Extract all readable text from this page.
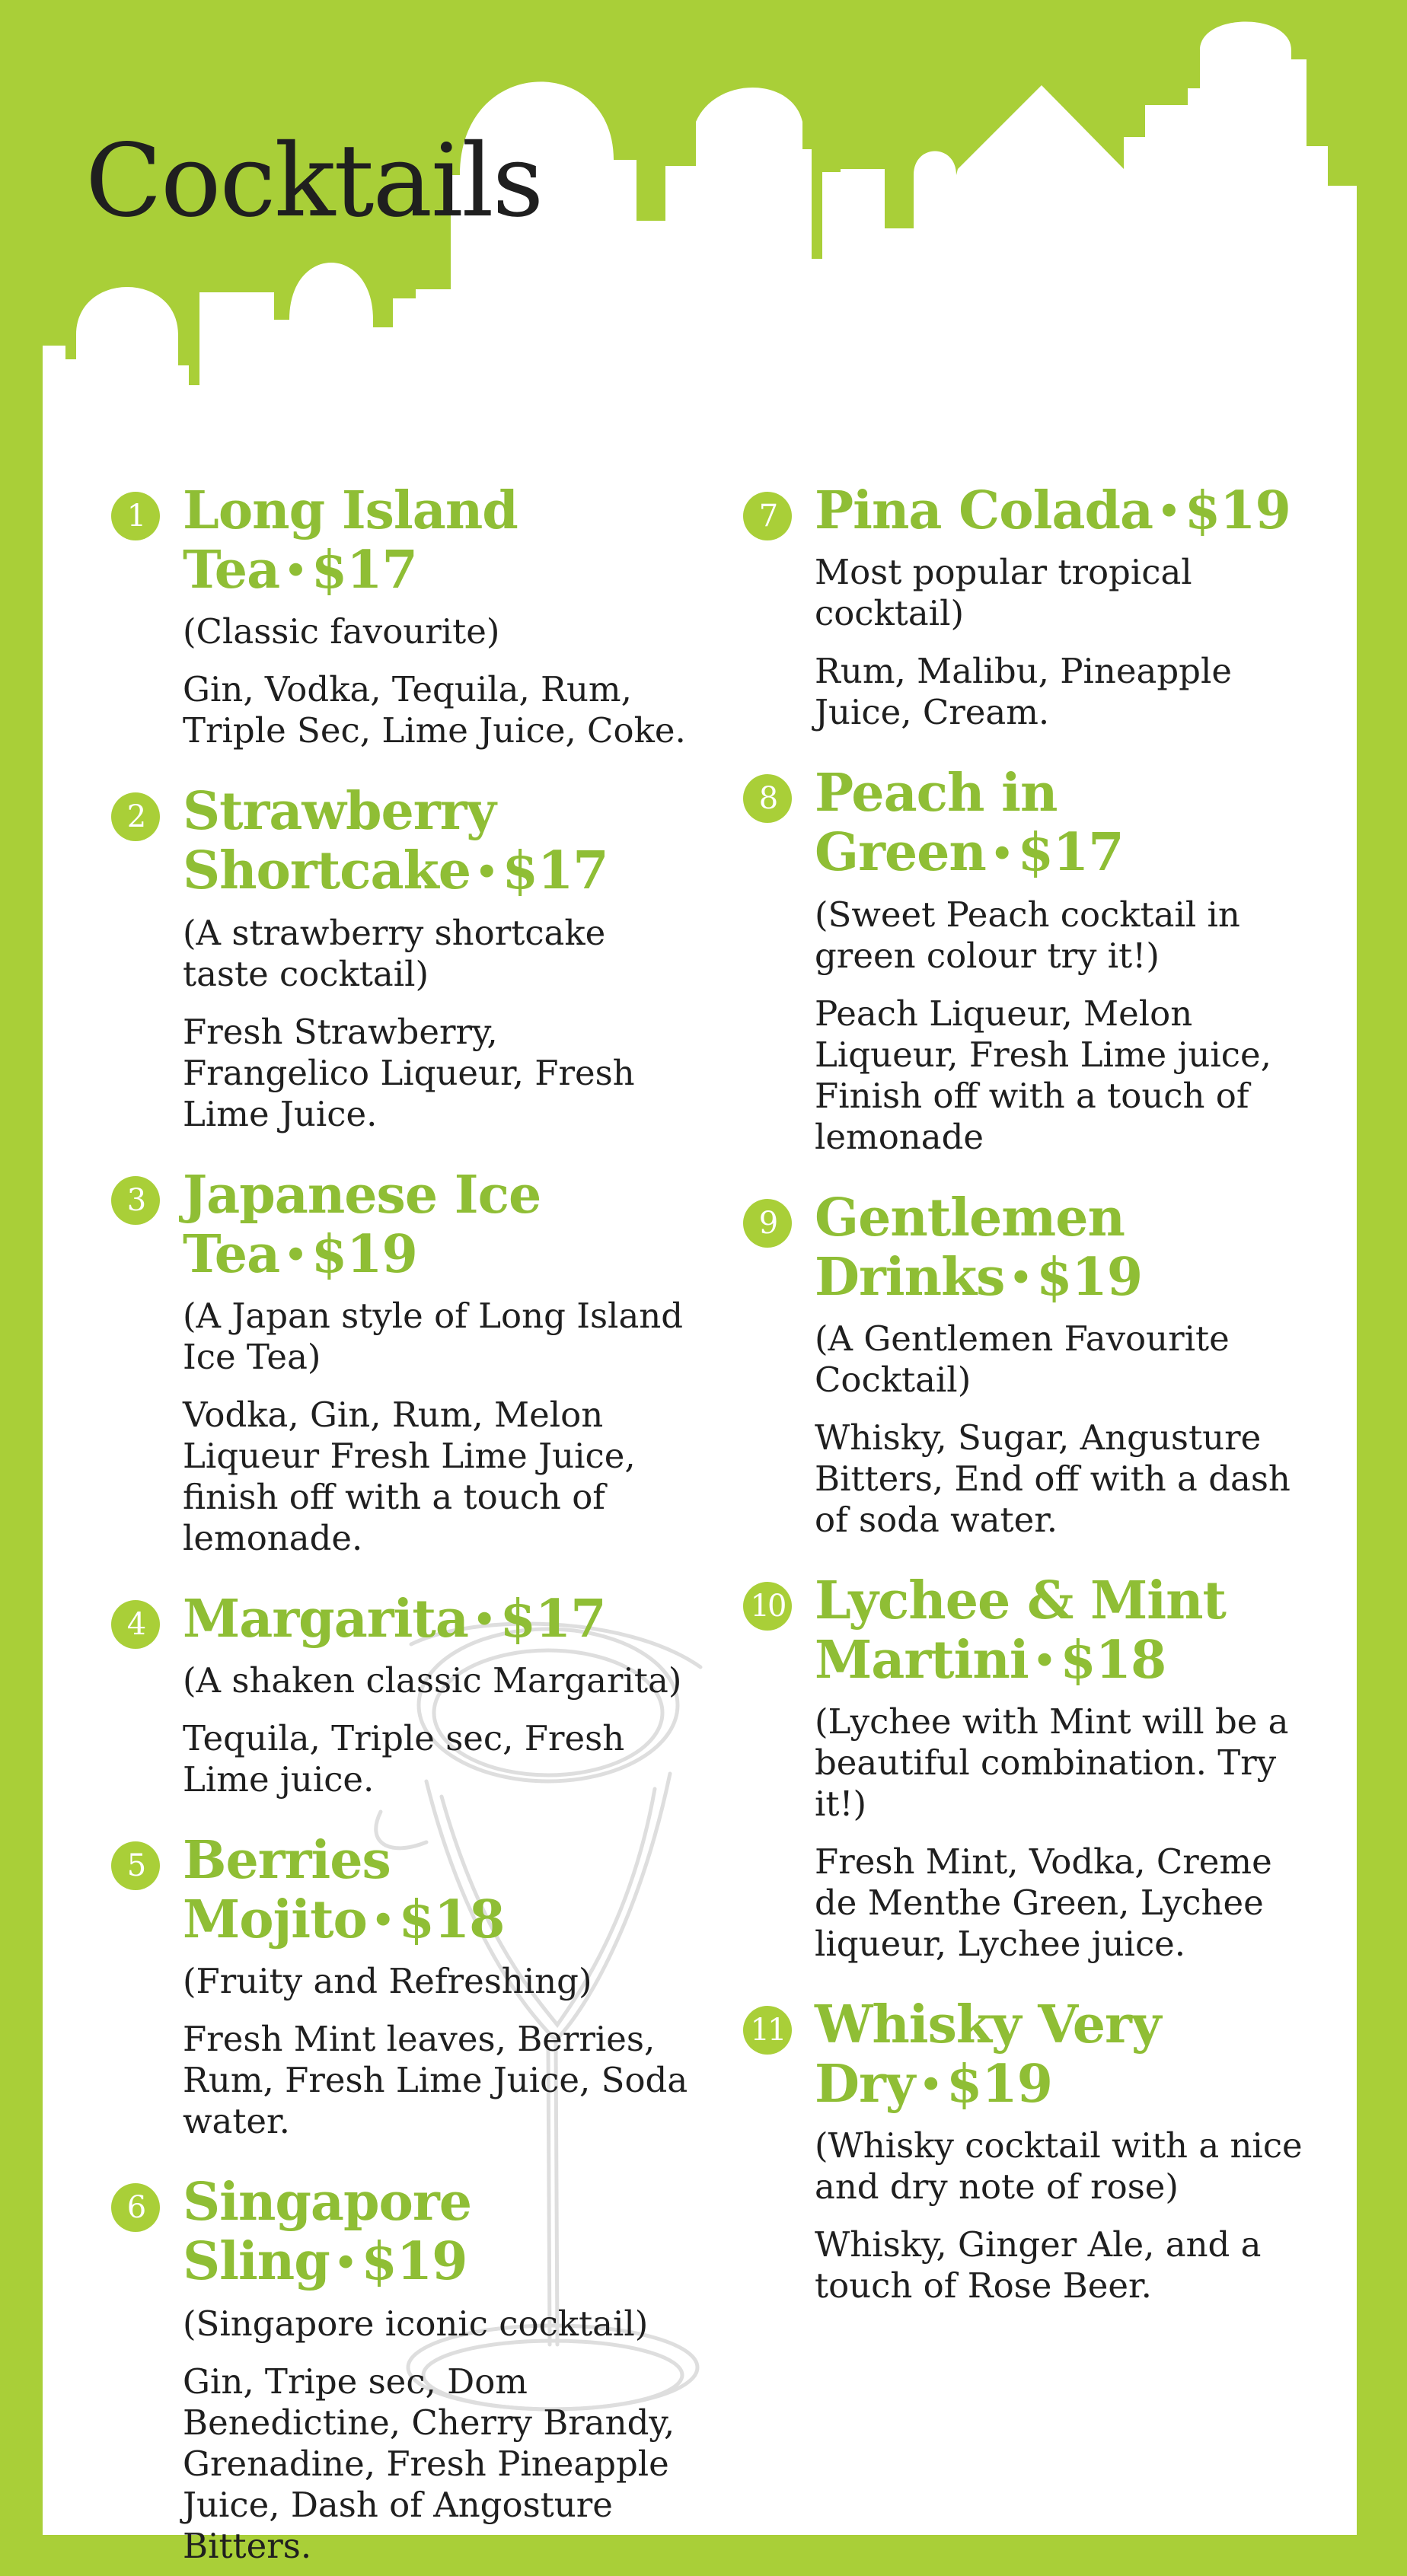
Cocktails
1 Long Island Tea •$17

(Classic favourite)

Gin, Vodka, Tequila, Rum, Triple Sec, Lime Juice, Coke.

2 Strawberry Shortcake •$17

(A strawberry shortcake taste cocktail)

Fresh Strawberry, Frangelico Liqueur, Fresh Lime Juice.

3 Japanese Ice Tea •$19

(A Japan style of Long Island Ice Tea)

Vodka, Gin, Rum, Melon Liqueur Fresh Lime Juice, finish off with a touch of lemonade.

4 Margarita •$17

(A shaken classic Margarita)

Tequila, Triple sec, Fresh Lime juice.

5 Berries Mojito •$18

(Fruity and Refreshing)

Fresh Mint leaves, Berries, Rum, Fresh Lime Juice, Soda water.

6 Singapore Sling •$19

(Singapore iconic cocktail)

Gin, Tripe sec, Dom Benedictine, Cherry Brandy, Grenadine, Fresh Pineapple Juice, Dash of Angosture Bitters.

7 Pina Colada •$19

Most popular tropical cocktail)

Rum, Malibu, Pineapple Juice, Cream.

8 Peach in Green •$17

(Sweet Peach cocktail in green colour try it!)

Peach Liqueur, Melon Liqueur, Fresh Lime juice, Finish off with a touch of lemonade

9 Gentlemen Drinks •$19

(A Gentlemen Favourite Cocktail)

Whisky, Sugar, Angusture Bitters, End off with a dash of soda water.

10 Lychee & Mint Martini •$18

(Lychee with Mint will be a beautiful combination. Try it!)

Fresh Mint, Vodka, Creme de Menthe Green, Lychee liqueur, Lychee juice.

11 Whisky Very Dry •$19

(Whisky cocktail with a nice and dry note of rose)

Whisky, Ginger Ale, and a touch of Rose Beer.
